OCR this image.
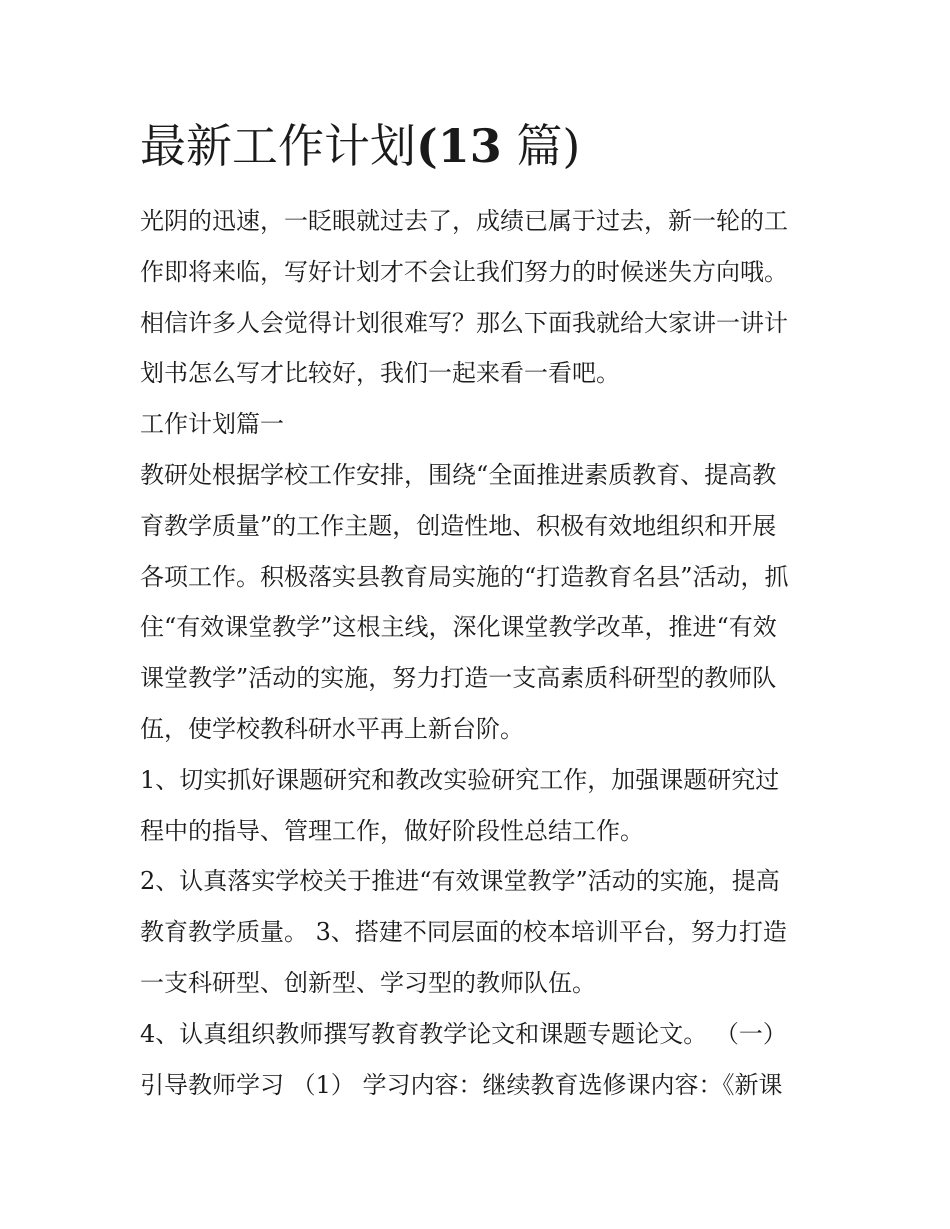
最新工作计划(13 篇)
光阴的迅速，一眨眼就过去了，成绩已属于过去，新一轮的工
作即将来临，写好计划才不会让我们努力的时候迷失方向哦。
相信许多人会觉得计划很难写？那么下面我就给大家讲一讲计
划书怎么写才比较好，我们一起来看一看吧。
工作计划篇一
教研处根据学校工作安排，围绕“全面推进素质教育、提高教
育教学质量”的工作主题，创造性地、积极有效地组织和开展
各项工作。积极落实县教育局实施的“打造教育名县”活动，抓
住“有效课堂教学”这根主线，深化课堂教学改革，推进“有效
课堂教学”活动的实施，努力打造一支高素质科研型的教师队
伍，使学校教科研水平再上新台阶。
1、切实抓好课题研究和教改实验研究工作，加强课题研究过
程中的指导、管理工作，做好阶段性总结工作。
2、认真落实学校关于推进“有效课堂教学”活动的实施，提高
教育教学质量。 3、搭建不同层面的校本培训平台，努力打造
一支科研型、创新型、学习型的教师队伍。
4、认真组织教师撰写教育教学论文和课题专题论文。 （一）
引导教师学习 （1） 学习内容：继续教育选修课内容：《新课
